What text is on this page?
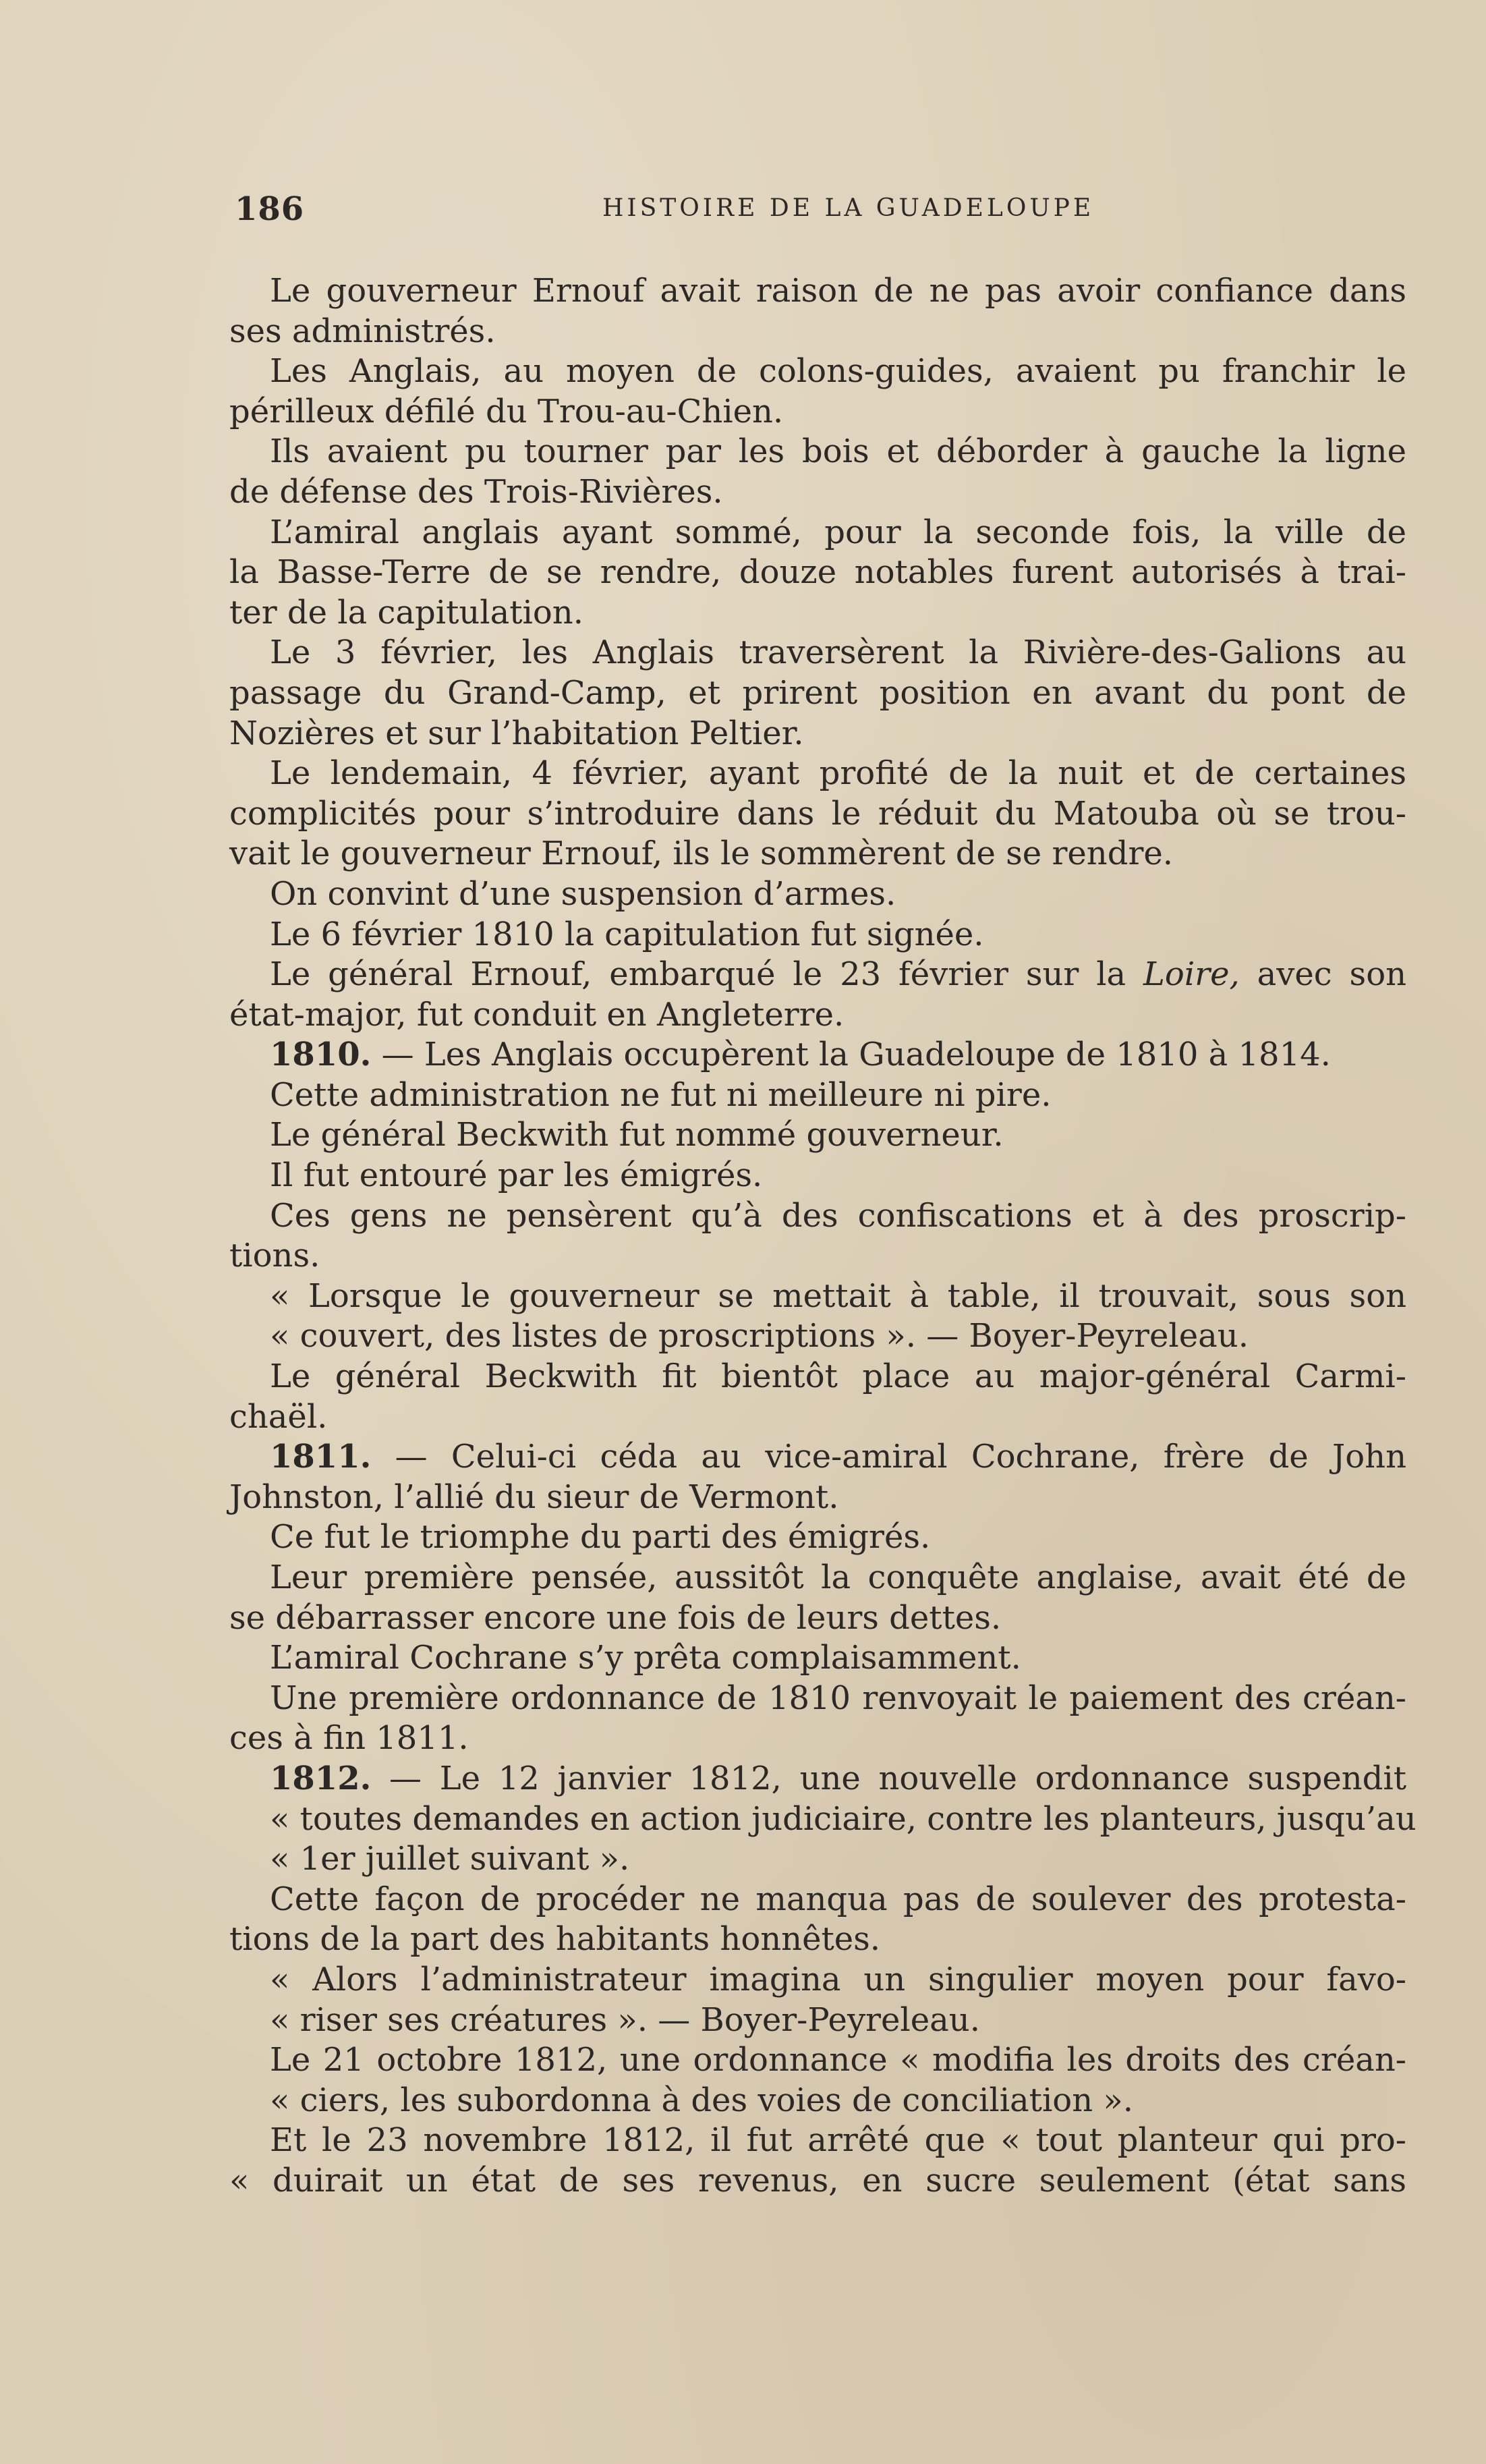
186	HISTOIRE DE LA GUADELOUPE
Le gouverneur Ernouf avait raison de ne pas avoir confiance dans
ses administrés.
Les Anglais, au moyen de colons-guides, avaient pu franchir le
périlleux défilé du Trou-au-Chien.
Ils avaient pu tourner par les bois et déborder à gauche la ligne
de défense des Trois-Rivières.
L’amiral anglais ayant sommé, pour la seconde fois, la ville de
la Basse-Terre de se rendre, douze notables furent autorisés à trai-
ter de la capitulation.
Le 3 février, les Anglais traversèrent la Rivière-des-Galions au
passage du Grand-Camp, et prirent position en avant du pont de
Nozières et sur l’habitation Peltier.
Le lendemain, 4 février, ayant profité de la nuit et de certaines
complicités pour s’introduire dans le réduit du Matouba où se trou-
vait le gouverneur Ernouf, ils le sommèrent de se rendre.
On convint d’une suspension d’armes.
Le 6 février 1810 la capitulation fut signée.
Le général Ernouf, embarqué le 23 février sur la Loire, avec son
état-major, fut conduit en Angleterre.
1810. — Les Anglais occupèrent la Guadeloupe de 1810 à 1814.
Cette administration ne fut ni meilleure ni pire.
Le général Beckwith fut nommé gouverneur.
Il fut entouré par les émigrés.
Ces gens ne pensèrent qu’à des confiscations et à des proscrip-
tions.
« Lorsque le gouverneur se mettait à table, il trouvait, sous son
« couvert, des listes de proscriptions ». — Boyer-Peyreleau.
Le général Beckwith fit bientôt place au major-général Carmi-
chaël.
1811. — Celui-ci céda au vice-amiral Cochrane, frère de John
Johnston, l’allié du sieur de Vermont.
Ce fut le triomphe du parti des émigrés.
Leur première pensée, aussitôt la conquête anglaise, avait été de
se débarrasser encore une fois de leurs dettes.
L’amiral Cochrane s’y prêta complaisamment.
Une première ordonnance de 1810 renvoyait le paiement des créan-
ces à fin 1811.
1812. — Le 12 janvier 1812, une nouvelle ordonnance suspendit
« toutes demandes en action judiciaire, contre les planteurs, jusqu’au
« 1er juillet suivant ».
Cette façon de procéder ne manqua pas de soulever des protesta-
tions de la part des habitants honnêtes.
« Alors l’administrateur imagina un singulier moyen pour favo-
« riser ses créatures ». — Boyer-Peyreleau.
Le 21 octobre 1812, une ordonnance « modifia les droits des créan-
« ciers, les subordonna à des voies de conciliation ».
Et le 23 novembre 1812, il fut arrêté que « tout planteur qui pro-
« duirait un état de ses revenus, en sucre seulement (état sans
